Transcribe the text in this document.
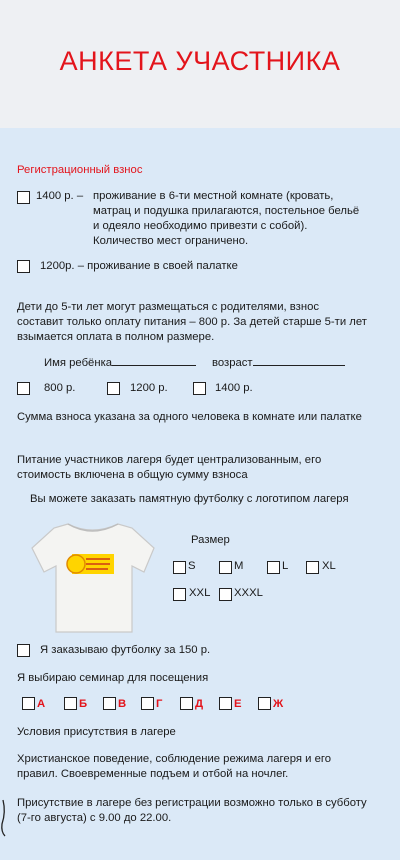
АНКЕТА УЧАСТНИКА
Регистрационный взнос
1400 р. – проживание в 6-ти местной комнате (кровать, матрац и подушка прилагаются, постельное бельё и одеяло необходимо привезти с собой). Количество мест ограничено.
1200р. – проживание в своей палатке
Дети до 5-ти лет могут размещаться с родителями, взнос составит только оплату питания – 800 р. За детей старше 5-ти лет взымается оплата в полном размере.
Имя ребёнка	возраст
800 р.	1200 р.	1400 р.
Сумма взноса указана за одного человека в комнате или палатке
Питание участников лагеря будет централизованным, его стоимость включена в общую сумму взноса
Вы можете заказать памятную футболку с логотипом лагеря
Размер
S	M	L	XL
XXL XXXL
Я заказываю футболку за 150 р.
Я выбираю семинар для посещения
А	Б	В	Г	Д	Е	Ж
Условия присутствия в лагере
Христианское поведение, соблюдение режима лагеря и его правил. Своевременные подъем и отбой на ночлег.
Присутствие в лагере без регистрации возможно только в субботу (7-го августа) с 9.00 до 22.00.
